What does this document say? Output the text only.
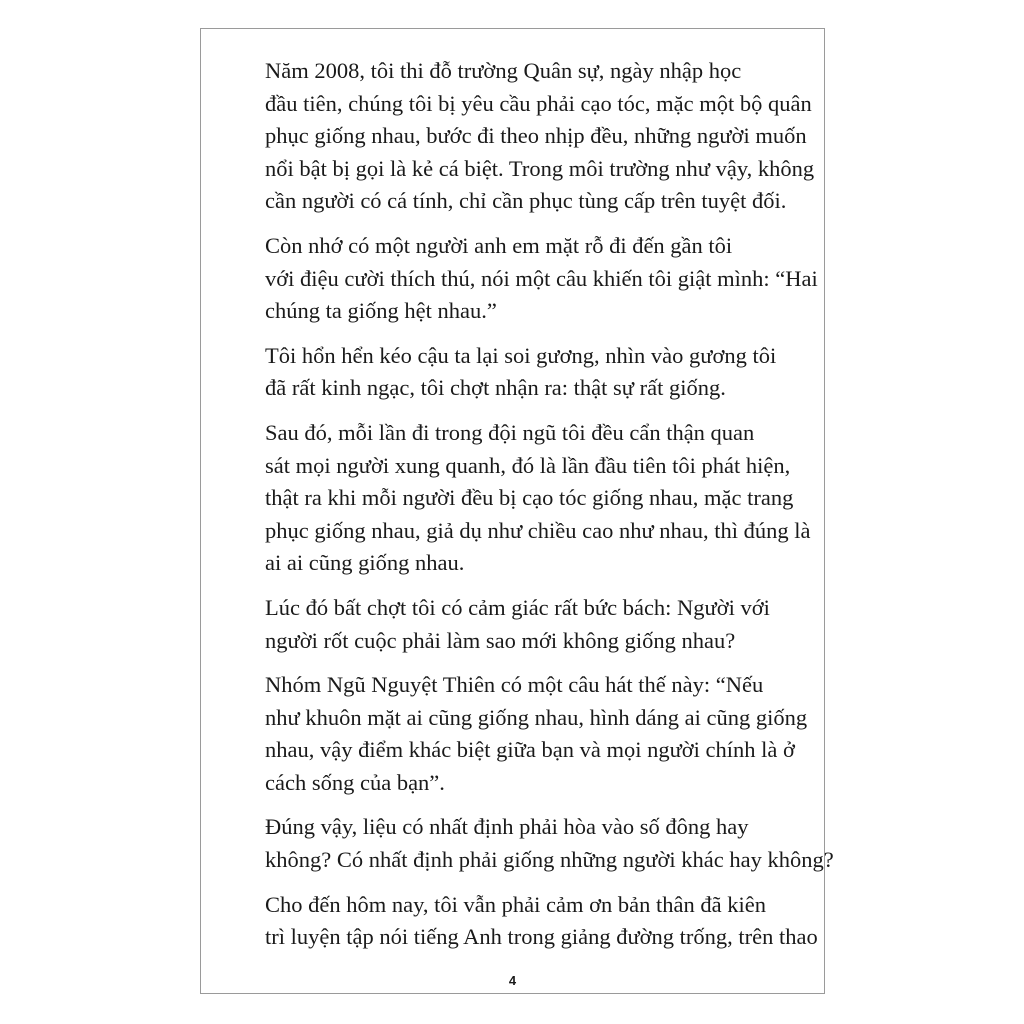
Năm 2008, tôi thi đỗ trường Quân sự, ngày nhập học
đầu tiên, chúng tôi bị yêu cầu phải cạo tóc, mặc một bộ quân
phục giống nhau, bước đi theo nhịp đều, những người muốn
nổi bật bị gọi là kẻ cá biệt. Trong môi trường như vậy, không
cần người có cá tính, chỉ cần phục tùng cấp trên tuyệt đối.

Còn nhớ có một người anh em mặt rỗ đi đến gần tôi
với điệu cười thích thú, nói một câu khiến tôi giật mình: “Hai
chúng ta giống hệt nhau.”

Tôi hổn hển kéo cậu ta lại soi gương, nhìn vào gương tôi
đã rất kinh ngạc, tôi chợt nhận ra: thật sự rất giống.

Sau đó, mỗi lần đi trong đội ngũ tôi đều cẩn thận quan
sát mọi người xung quanh, đó là lần đầu tiên tôi phát hiện,
thật ra khi mỗi người đều bị cạo tóc giống nhau, mặc trang
phục giống nhau, giả dụ như chiều cao như nhau, thì đúng là
ai ai cũng giống nhau.

Lúc đó bất chợt tôi có cảm giác rất bức bách: Người với
người rốt cuộc phải làm sao mới không giống nhau?

Nhóm Ngũ Nguyệt Thiên có một câu hát thế này: “Nếu
như khuôn mặt ai cũng giống nhau, hình dáng ai cũng giống
nhau, vậy điểm khác biệt giữa bạn và mọi người chính là ở
cách sống của bạn”.

Đúng vậy, liệu có nhất định phải hòa vào số đông hay
không? Có nhất định phải giống những người khác hay không?

Cho đến hôm nay, tôi vẫn phải cảm ơn bản thân đã kiên
trì luyện tập nói tiếng Anh trong giảng đường trống, trên thao

4
